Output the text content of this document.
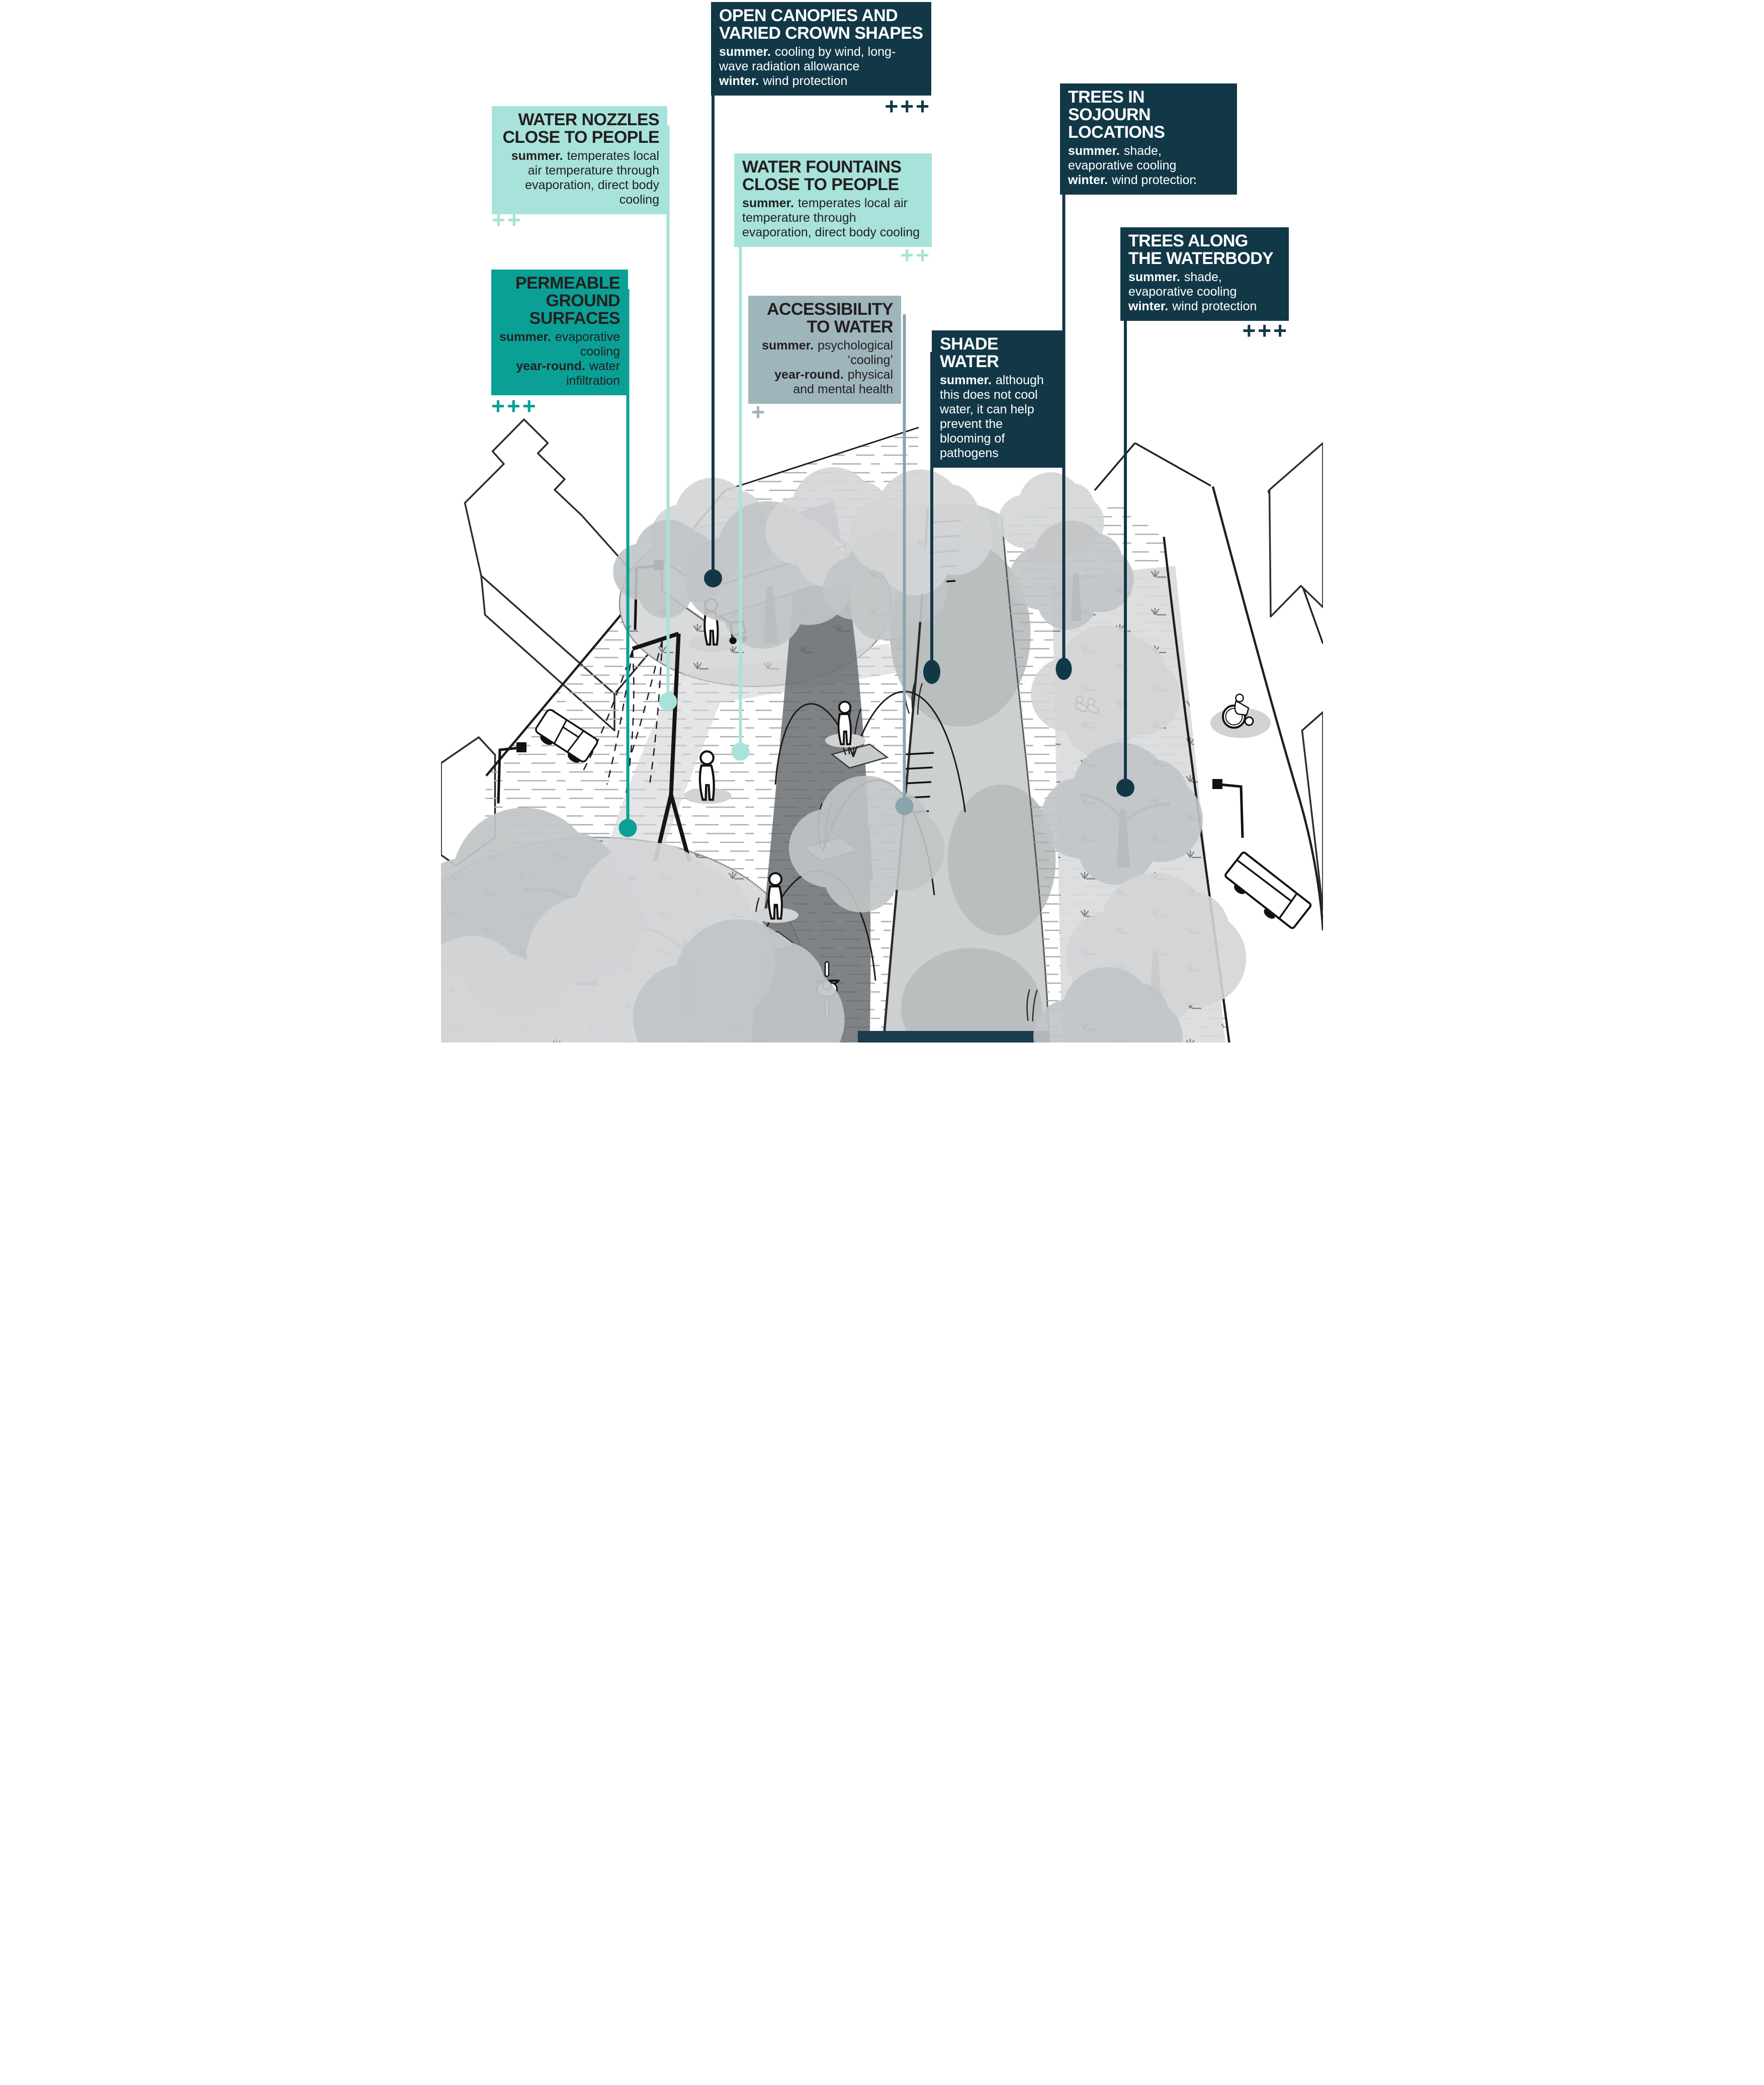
OPEN CANOPIES AND VARIED CROWN SHAPES

summer. cooling by wind, long-wave radiation allowance

winter. wind protection

+++
WATER NOZZLES CLOSE TO PEOPLE

summer. temperates local air temperature through evaporation, direct body cooling

++
WATER FOUNTAINS CLOSE TO PEOPLE

summer. temperates local air temperature through evaporation, direct body cooling

++
TREES IN SOJOURN LOCATIONS

summer. shade, evaporative cooling

winter. wind protection

+++
TREES ALONG THE WATERBODY

summer. shade, evaporative cooling

winter. wind protection

+++
PERMEABLE GROUND SURFACES

summer. evaporative cooling

year-round. water infiltration

+++
ACCESSIBILITY TO WATER

summer. psychological ‘cooling’

year-round. physical and mental health

+
SHADE WATER

summer. although this does not cool water, it can help prevent the blooming of pathogens
